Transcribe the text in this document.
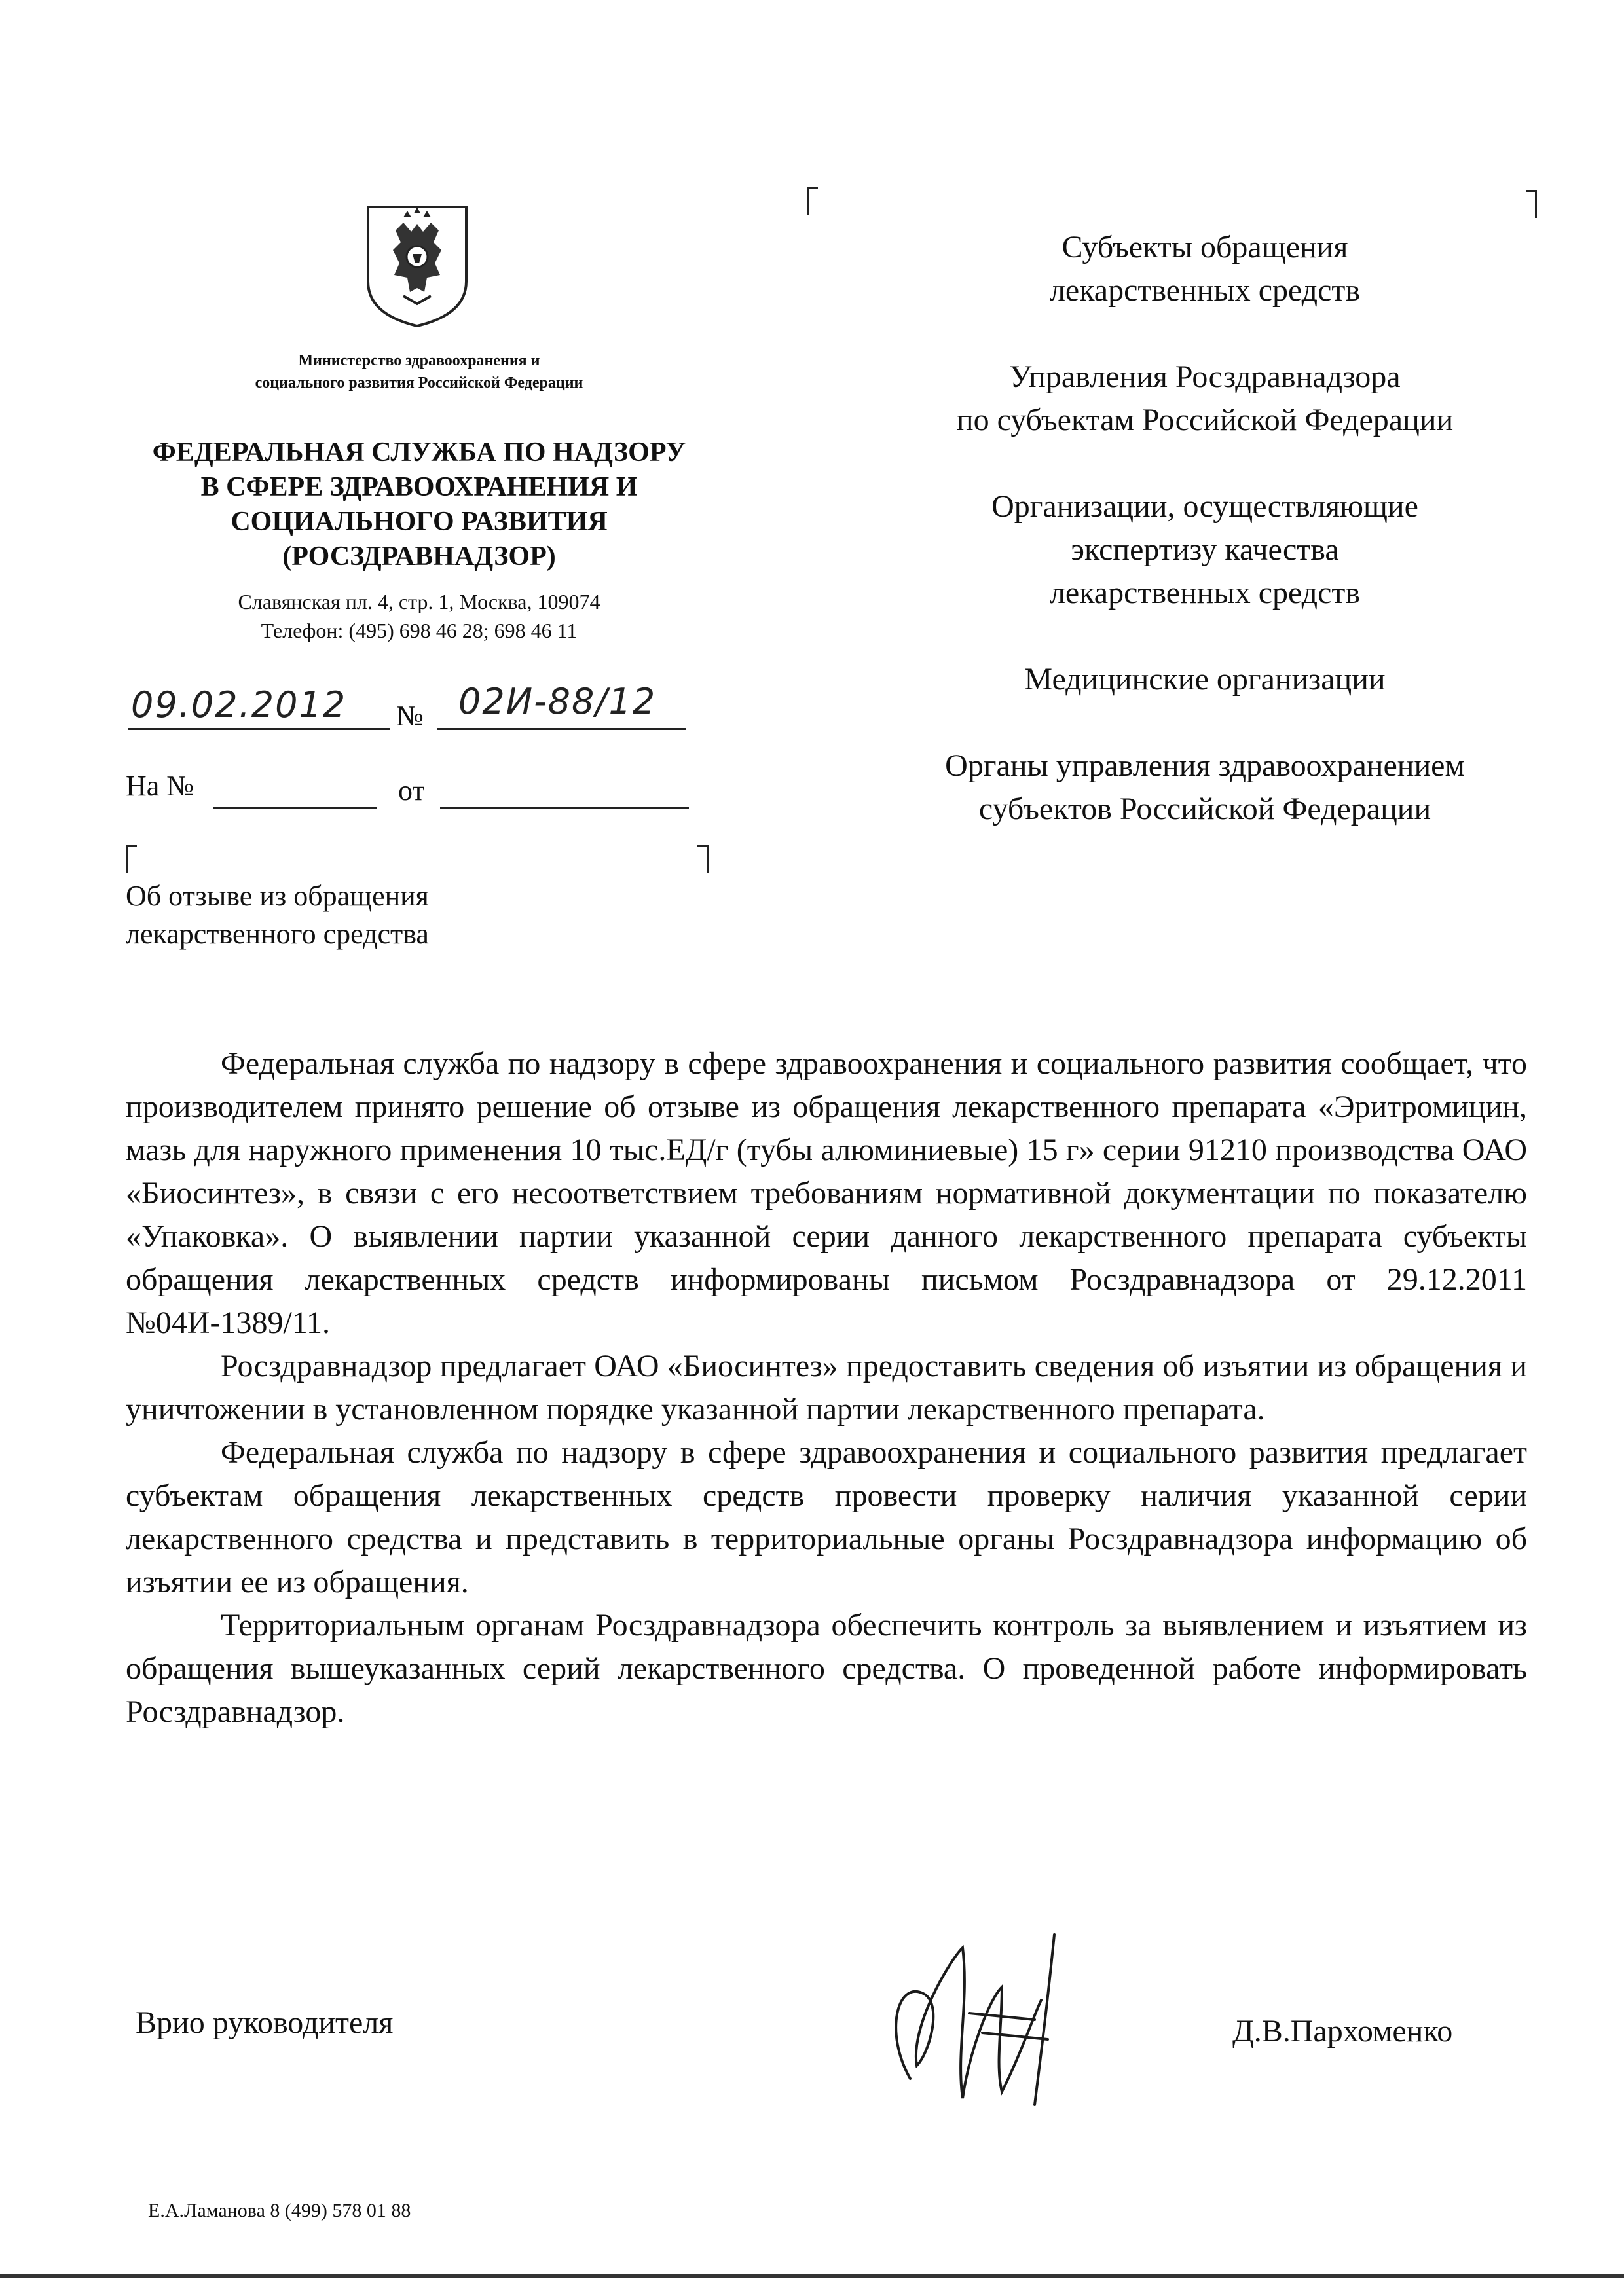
Министерство здравоохранения и
социального развития Российской Федерации
ФЕДЕРАЛЬНАЯ СЛУЖБА ПО НАДЗОРУ
В СФЕРЕ ЗДРАВООХРАНЕНИЯ И
СОЦИАЛЬНОГО РАЗВИТИЯ
(РОСЗДРАВНАДЗОР)
Славянская пл. 4, стр. 1, Москва, 109074
Телефон: (495) 698 46 28; 698 46 11
09.02.2012 № 02И-88/12
На №	от
Об отзыве из обращения
лекарственного средства
Субъекты обращения
лекарственных средств
Управления Росздравнадзора
по субъектам Российской Федерации
Организации, осуществляющие
экспертизу качества
лекарственных средств
Медицинские организации
Органы управления здравоохранением
субъектов Российской Федерации

Федеральная служба по надзору в сфере здравоохранения и социального развития сообщает, что производителем принято решение об отзыве из обращения лекарственного препарата «Эритромицин, мазь для наружного применения 10 тыс.ЕД/г (тубы алюминиевые) 15 г» серии 91210 производства ОАО «Биосинтез», в связи с его несоответствием требованиям нормативной документации по показателю «Упаковка». О выявлении партии указанной серии данного лекарственного препарата субъекты обращения лекарственных средств информированы письмом Росздравнадзора от 29.12.2011 №04И-1389/11.

Росздравнадзор предлагает ОАО «Биосинтез» предоставить сведения об изъятии из обращения и уничтожении в установленном порядке указанной партии лекарственного препарата.

Федеральная служба по надзору в сфере здравоохранения и социального развития предлагает субъектам обращения лекарственных средств провести проверку наличия указанной серии лекарственного средства и представить в территориальные органы Росздравнадзора информацию об изъятии ее из обращения.

Территориальным органам Росздравнадзора обеспечить контроль за выявлением и изъятием из обращения вышеуказанных серий лекарственного средства. О проведенной работе информировать Росздравнадзор.

Врио руководителя	Д.В.Пархоменко
Е.А.Ламанова 8 (499) 578 01 88
